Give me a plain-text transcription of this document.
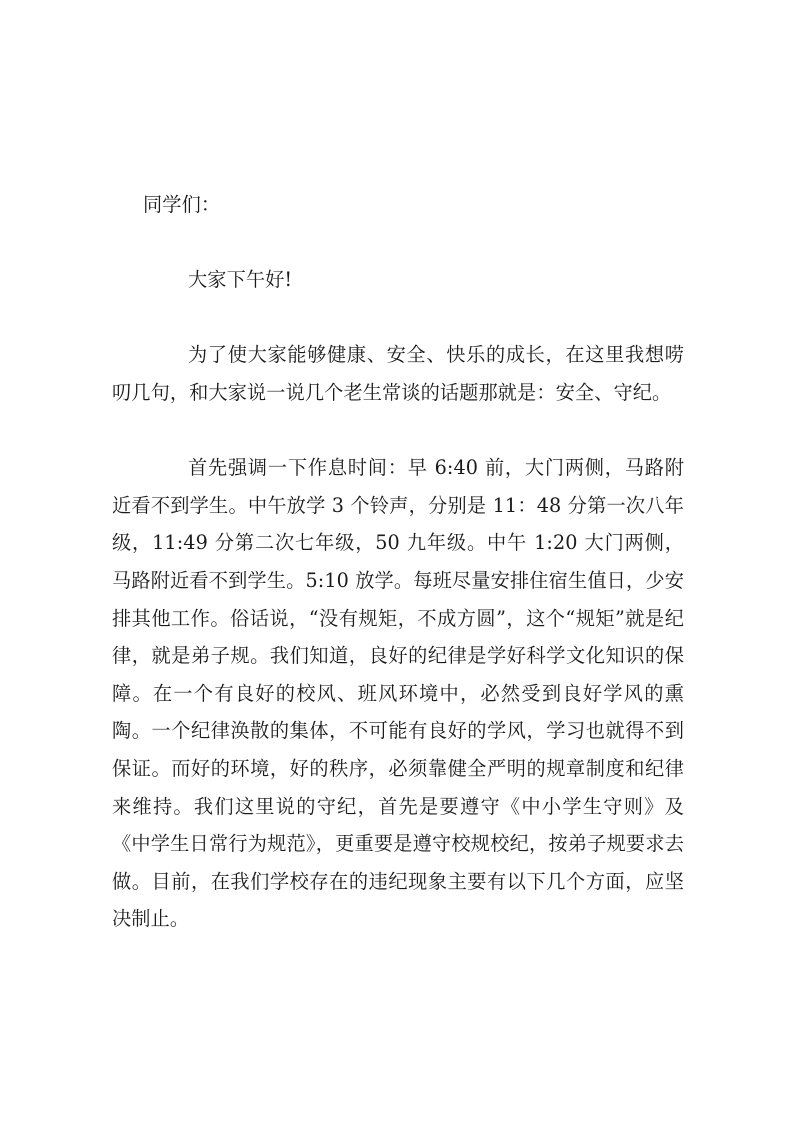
同学们：

大家下午好!

为了使大家能够健康、安全、快乐的成长，在这里我想唠叨几句，和大家说一说几个老生常谈的话题那就是：安全、守纪。

首先强调一下作息时间：早 6:40 前，大门两侧，马路附近看不到学生。中午放学 3 个铃声，分别是 11：48 分第一次八年级，11:49 分第二次七年级，50 九年级。中午 1:20 大门两侧，马路附近看不到学生。5:10 放学。每班尽量安排住宿生值日，少安排其他工作。俗话说，“没有规矩，不成方圆”，这个“规矩”就是纪律，就是弟子规。我们知道，良好的纪律是学好科学文化知识的保障。在一个有良好的校风、班风环境中，必然受到良好学风的熏陶。一个纪律涣散的集体，不可能有良好的学风，学习也就得不到保证。而好的环境，好的秩序，必须靠健全严明的规章制度和纪律来维持。我们这里说的守纪，首先是要遵守《中小学生守则》及《中学生日常行为规范》，更重要是遵守校规校纪，按弟子规要求去做。目前，在我们学校存在的违纪现象主要有以下几个方面，应坚决制止。
